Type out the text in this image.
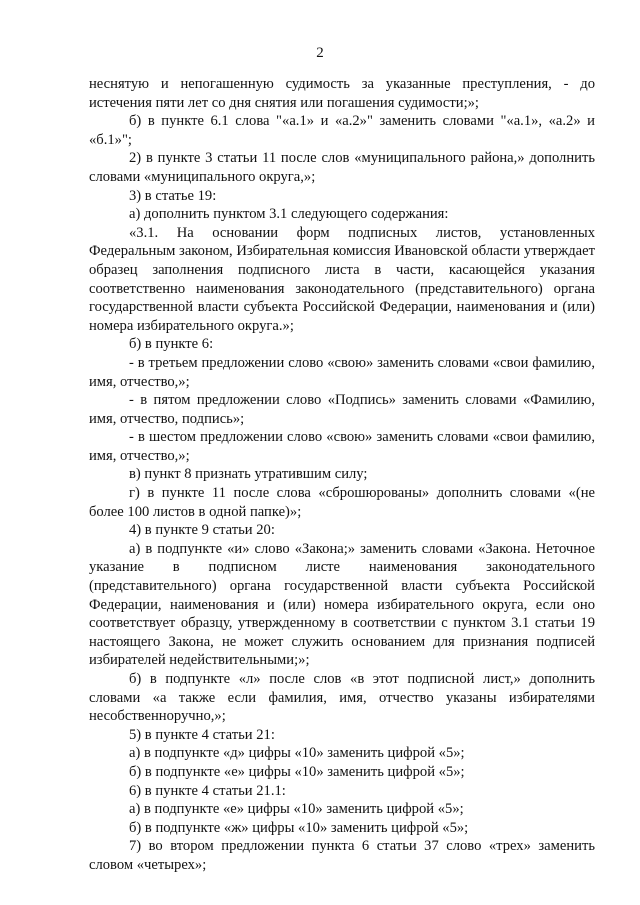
2

неснятую и непогашенную судимость за указанные преступления, - до истечения пяти лет со дня снятия или погашения судимости;»;

б) в пункте 6.1 слова "«а.1» и «а.2»" заменить словами "«а.1», «а.2» и «б.1»";

2) в пункте 3 статьи 11 после слов «муниципального района,» дополнить словами «муниципального округа,»;

3) в статье 19:

а) дополнить пунктом 3.1 следующего содержания:

«3.1. На основании форм подписных листов, установленных Федеральным законом, Избирательная комиссия Ивановской области утверждает образец заполнения подписного листа в части, касающейся указания соответственно наименования законодательного (представительного) органа государственной власти субъекта Российской Федерации, наименования и (или) номера избирательного округа.»;

б) в пункте 6:

- в третьем предложении слово «свою» заменить словами «свои фамилию, имя, отчество,»;

- в пятом предложении слово «Подпись» заменить словами «Фамилию, имя, отчество, подпись»;

- в шестом предложении слово «свою» заменить словами «свои фамилию, имя, отчество,»;

в) пункт 8 признать утратившим силу;

г) в пункте 11 после слова «сброшюрованы» дополнить словами «(не более 100 листов в одной папке)»;

4) в пункте 9 статьи 20:

а) в подпункте «и» слово «Закона;» заменить словами «Закона. Неточное указание в подписном листе наименования законодательного (представительного) органа государственной власти субъекта Российской Федерации, наименования и (или) номера избирательного округа, если оно соответствует образцу, утвержденному в соответствии с пунктом 3.1 статьи 19 настоящего Закона, не может служить основанием для признания подписей избирателей недействительными;»;

б) в подпункте «л» после слов «в этот подписной лист,» дополнить словами «а также если фамилия, имя, отчество указаны избирателями несобственноручно,»;

5) в пункте 4 статьи 21:

а) в подпункте «д» цифры «10» заменить цифрой «5»;

б) в подпункте «е» цифры «10» заменить цифрой «5»;

6) в пункте 4 статьи 21.1:

а) в подпункте «е» цифры «10» заменить цифрой «5»;

б) в подпункте «ж» цифры «10» заменить цифрой «5»;

7) во втором предложении пункта 6 статьи 37 слово «трех» заменить словом «четырех»;
